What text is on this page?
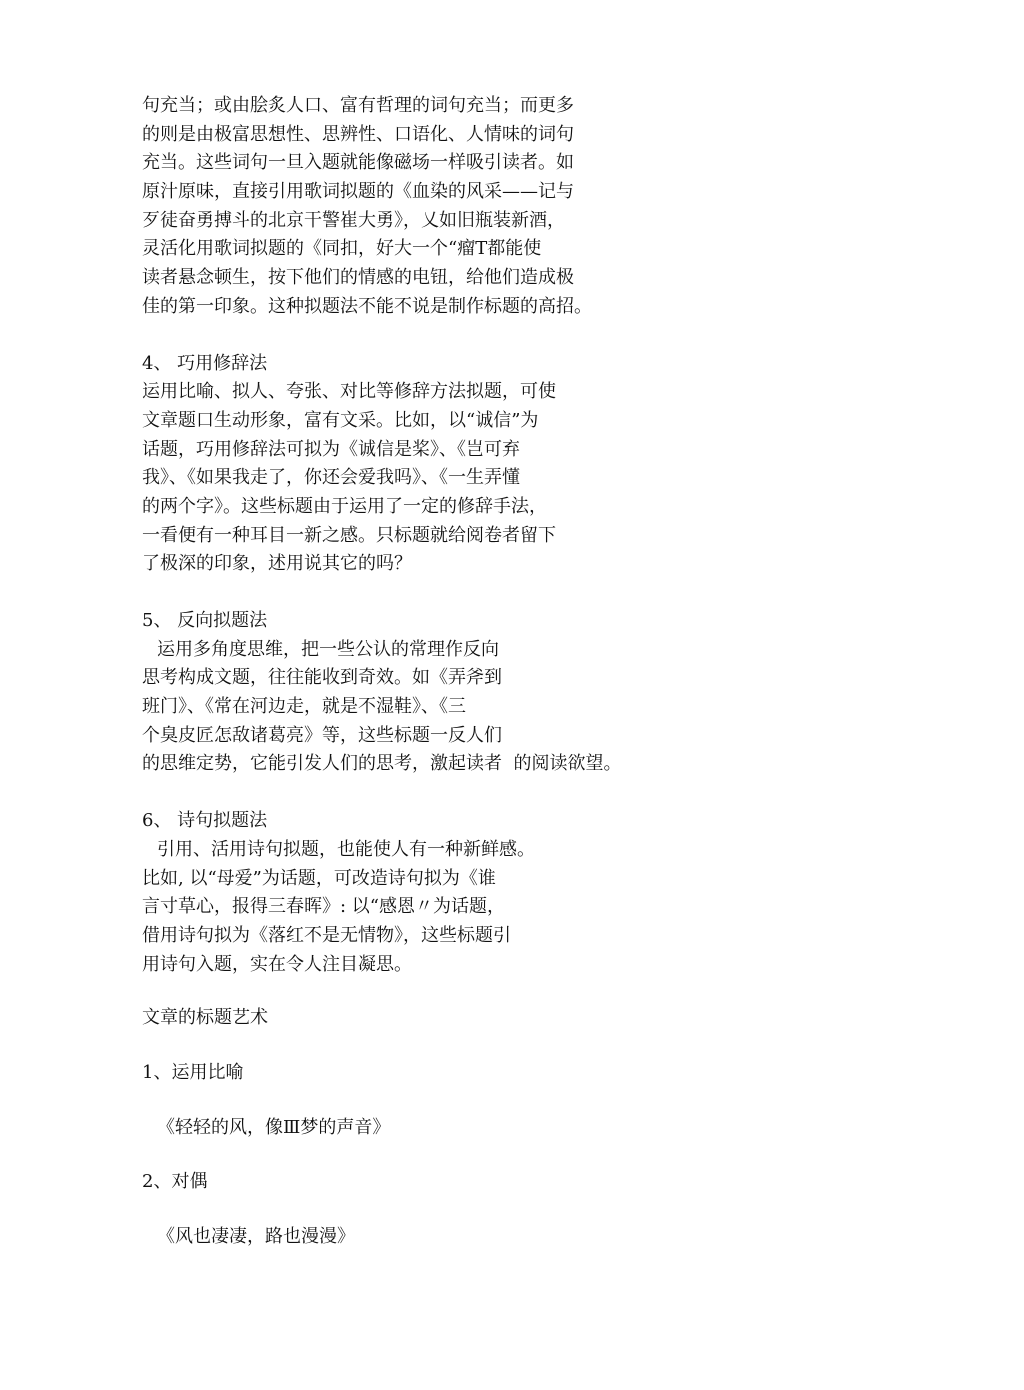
句充当；或由脍炙人口、富有哲理的词句充当；而更多
的则是由极富思想性、思辨性、口语化、人情味的词句
充当。这些词句一旦入题就能像磁场一样吸引读者。如
原汁原味，直接引用歌词拟题的《血染的风采——记与
歹徒奋勇搏斗的北京干警崔大勇》，乂如旧瓶装新酒，
灵活化用歌词拟题的《同扣，好大一个“瘤T都能使
读者悬念顿生，按下他们的情感的电钮，给他们造成极
佳的第一印象。这种拟题法不能不说是制作标题的高招。
4、 巧用修辞法
运用比喻、拟人、夸张、对比等修辞方法拟题，可使
文章题口生动形象，富有文采。比如，以“诚信”为
话题，巧用修辞法可拟为《诚信是桨》、《岂可弃
我》、《如果我走了，你还会爱我吗》、《一生弄懂
的两个字》。这些标题由于运用了一定的修辞手法，
一看便有一种耳目一新之感。只标题就给阅卷者留下
了极深的印象，述用说其它的吗？
5、 反向拟题法
运用多角度思维，把一些公认的常理作反向
思考构成文题，往往能收到奇效。如《弄斧到
班门》、《常在河边走，就是不湿鞋》、《三
个臭皮匠怎敌诸葛亮》等，这些标题一反人们
的思维定势，它能引发人们的思考，激起读者  的阅读欲望。
6、 诗句拟题法
引用、活用诗句拟题，也能使人有一种新鲜感。
比如, 以“母爱”为话题，可改造诗句拟为《谁
言寸草心，报得三春晖》: 以“感恩〃为话题，
借用诗句拟为《落红不是无情物》，这些标题引
用诗句入题，实在令人注目凝思。
文章的标题艺术
1、运用比喻
《轻轻的风，像Ⅲ梦的声音》
2、对偶
《风也凄凄，路也漫漫》
